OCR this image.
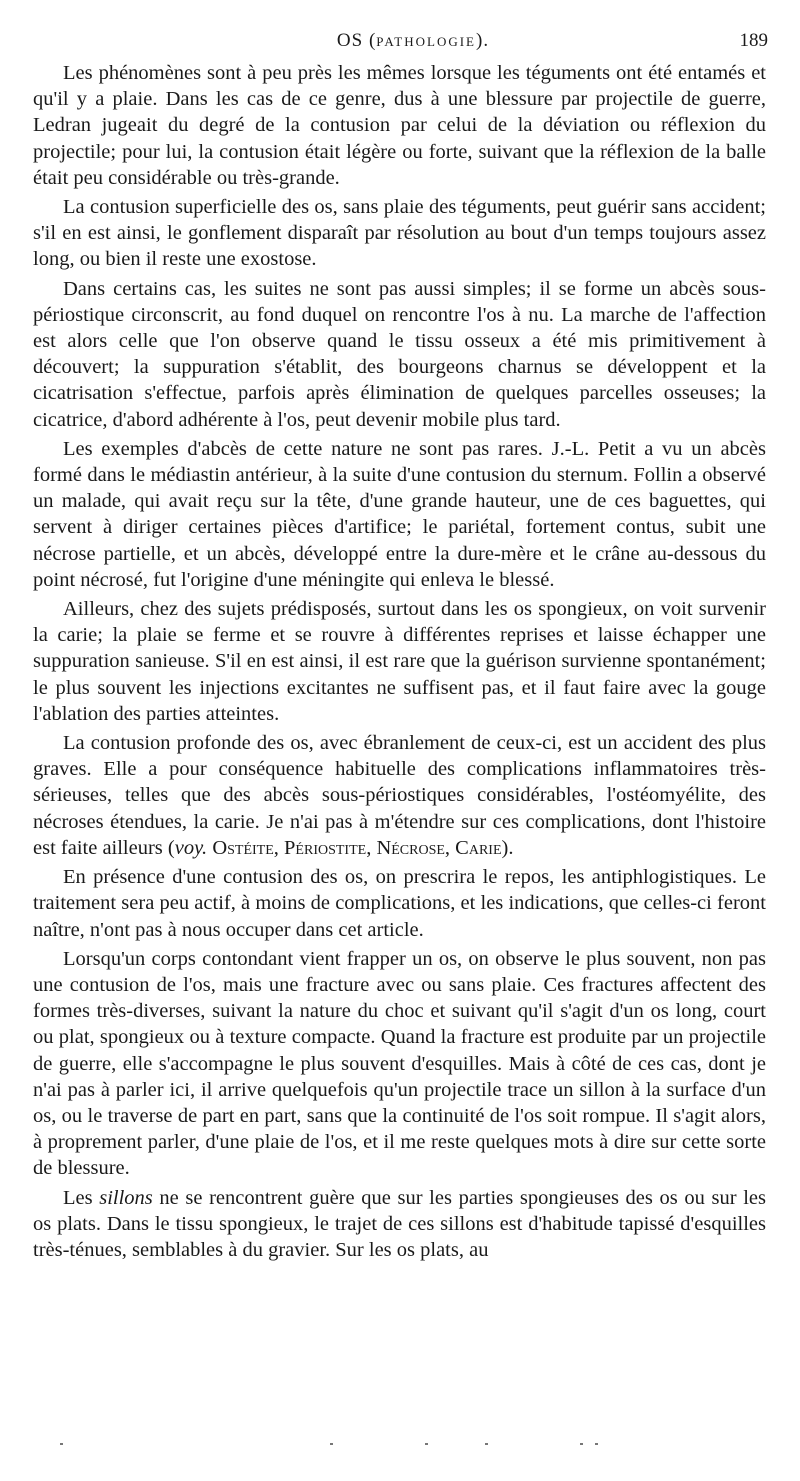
OS (PATHOLOGIE).	189

Les phénomènes sont à peu près les mêmes lorsque les téguments ont été entamés et qu'il y a plaie. Dans les cas de ce genre, dus à une blessure par projectile de guerre, Ledran jugeait du degré de la contusion par celui de la déviation ou réflexion du projectile; pour lui, la contusion était légère ou forte, suivant que la réflexion de la balle était peu considérable ou très-grande.

La contusion superficielle des os, sans plaie des téguments, peut guérir sans accident; s'il en est ainsi, le gonflement disparaît par résolution au bout d'un temps toujours assez long, ou bien il reste une exostose.

Dans certains cas, les suites ne sont pas aussi simples; il se forme un abcès sous-périostique circonscrit, au fond duquel on rencontre l'os à nu. La marche de l'affection est alors celle que l'on observe quand le tissu osseux a été mis primitivement à découvert; la suppuration s'établit, des bourgeons charnus se développent et la cicatrisation s'effectue, parfois après élimination de quelques parcelles osseuses; la cicatrice, d'abord adhérente à l'os, peut devenir mobile plus tard.

Les exemples d'abcès de cette nature ne sont pas rares. J.-L. Petit a vu un abcès formé dans le médiastin antérieur, à la suite d'une contusion du sternum. Follin a observé un malade, qui avait reçu sur la tête, d'une grande hauteur, une de ces baguettes, qui servent à diriger certaines pièces d'artifice; le pariétal, fortement contus, subit une nécrose partielle, et un abcès, développé entre la dure-mère et le crâne au-dessous du point nécrosé, fut l'origine d'une méningite qui enleva le blessé.

Ailleurs, chez des sujets prédisposés, surtout dans les os spongieux, on voit survenir la carie; la plaie se ferme et se rouvre à différentes reprises et laisse échapper une suppuration sanieuse. S'il en est ainsi, il est rare que la guérison survienne spontanément; le plus souvent les injections excitantes ne suffisent pas, et il faut faire avec la gouge l'ablation des parties atteintes.

La contusion profonde des os, avec ébranlement de ceux-ci, est un accident des plus graves. Elle a pour conséquence habituelle des complications inflammatoires très-sérieuses, telles que des abcès sous-périostiques considérables, l'ostéomyélite, des nécroses étendues, la carie. Je n'ai pas à m'étendre sur ces complications, dont l'histoire est faite ailleurs (voy. Ostéite, Périostite, Nécrose, Carie).

En présence d'une contusion des os, on prescrira le repos, les antiphlogistiques. Le traitement sera peu actif, à moins de complications, et les indications, que celles-ci feront naître, n'ont pas à nous occuper dans cet article.

Lorsqu'un corps contondant vient frapper un os, on observe le plus souvent, non pas une contusion de l'os, mais une fracture avec ou sans plaie. Ces fractures affectent des formes très-diverses, suivant la nature du choc et suivant qu'il s'agit d'un os long, court ou plat, spongieux ou à texture compacte. Quand la fracture est produite par un projectile de guerre, elle s'accompagne le plus souvent d'esquilles. Mais à côté de ces cas, dont je n'ai pas à parler ici, il arrive quelquefois qu'un projectile trace un sillon à la surface d'un os, ou le traverse de part en part, sans que la continuité de l'os soit rompue. Il s'agit alors, à proprement parler, d'une plaie de l'os, et il me reste quelques mots à dire sur cette sorte de blessure.

Les sillons ne se rencontrent guère que sur les parties spongieuses des os ou sur les os plats. Dans le tissu spongieux, le trajet de ces sillons est d'habitude tapissé d'esquilles très-ténues, semblables à du gravier. Sur les os plats, au
